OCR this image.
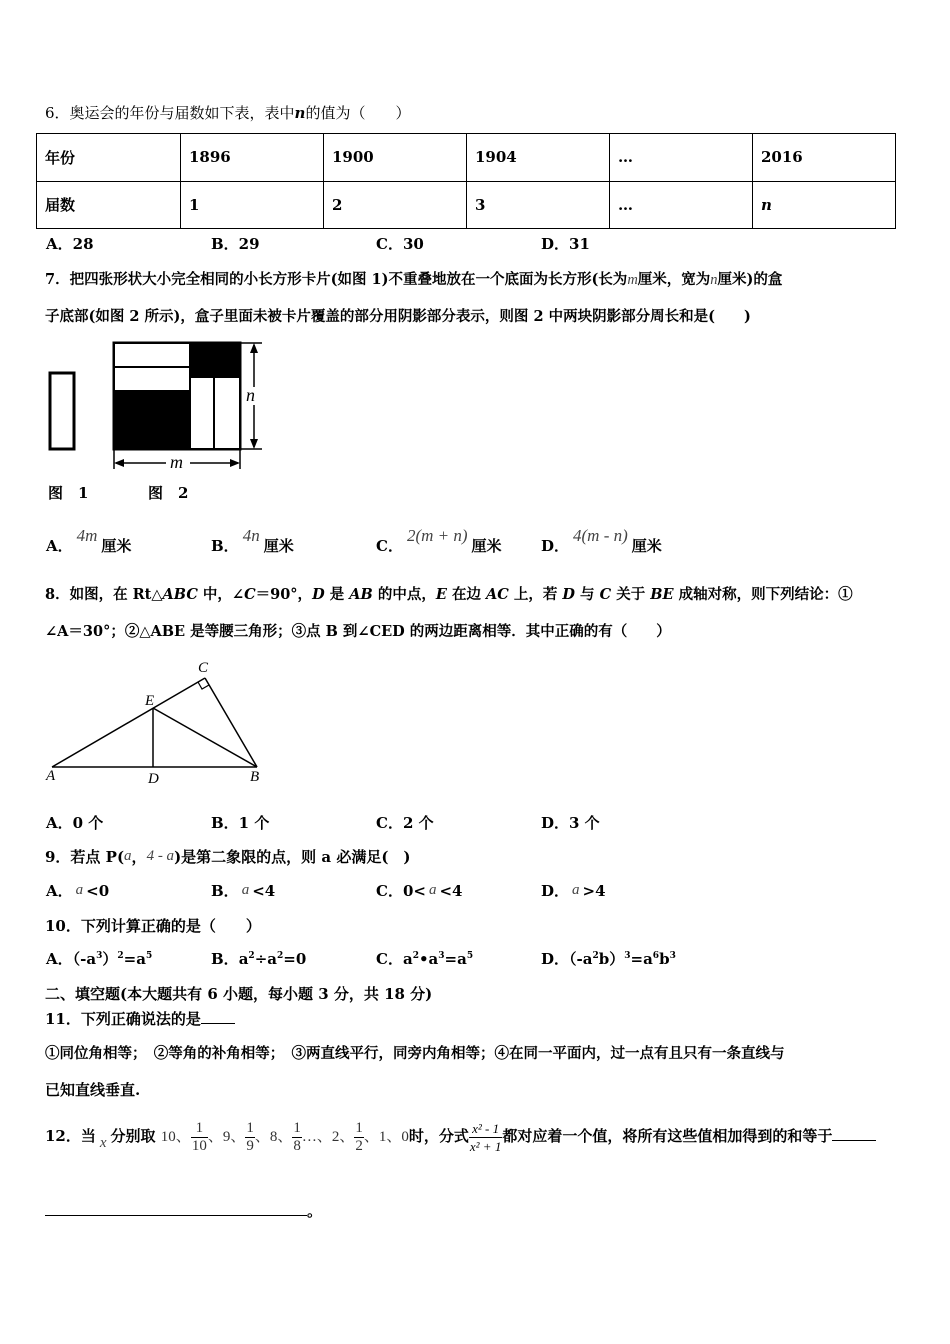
6．奥运会的年份与届数如下表，表中n的值为（　　）
年份	1896	1900	1904	…	2016
届数	1	2	3	…	n
A．28	B．29	C．30	D．31
7．把四张形状大小完全相同的小长方形卡片(如图 1)不重叠地放在一个底面为长方形(长为m厘米，宽为n厘米)的盒
子底部(如图 2 所示)，盒子里面未被卡片覆盖的部分用阴影部分表示，则图 2 中两块阴影部分周长和是(　　)
m
n
图　1	图　2
A．4m厘米	B．4n厘米	C．2(m + n)厘米	D．4(m - n)厘米
8．如图，在 Rt△ABC 中，∠C＝90°，D 是 AB 的中点，E 在边 AC 上，若 D 与 C 关于 BE 成轴对称，则下列结论：①
∠A＝30°；②△ABE 是等腰三角形；③点 B 到∠CED 的两边距离相等．其中正确的有（　　）
A	D	B
C
E
A．0 个	B．1 个	C．2 个	D．3 个
9．若点 P(a，4 - a)是第二象限的点，则 a 必满足(　)
A． a <0	B． a <4	C．0< a <4	D． a >4
10．下列计算正确的是（　　）
A．$(-a^3)^2=a^5$	B．$a^2\div a^2=0$	C．$a^2•a^3=a^5$	D．$(-a^2b)^3=a^6b^3$
二、填空题(本大题共有 6 小题，每小题 3 分，共 18 分)
11．下列正确说法的是
①同位角相等；　②等角的补角相等；　③两直线平行，同旁内角相等；④在同一平面内，过一点有且只有一条直线与
已知直线垂直.
12．当 x 分别取 10、 $\frac{1}{10}$ 、9、 $\frac{1}{9}$ 、8、 $\frac{1}{8}$ …、2、 $\frac{1}{2}$ 、1、0时，分式 $\frac{\text{x² - 1}}{\text{x² + 1}}$ 都对应着一个值，将所有这些值相加得到的和等于
。
